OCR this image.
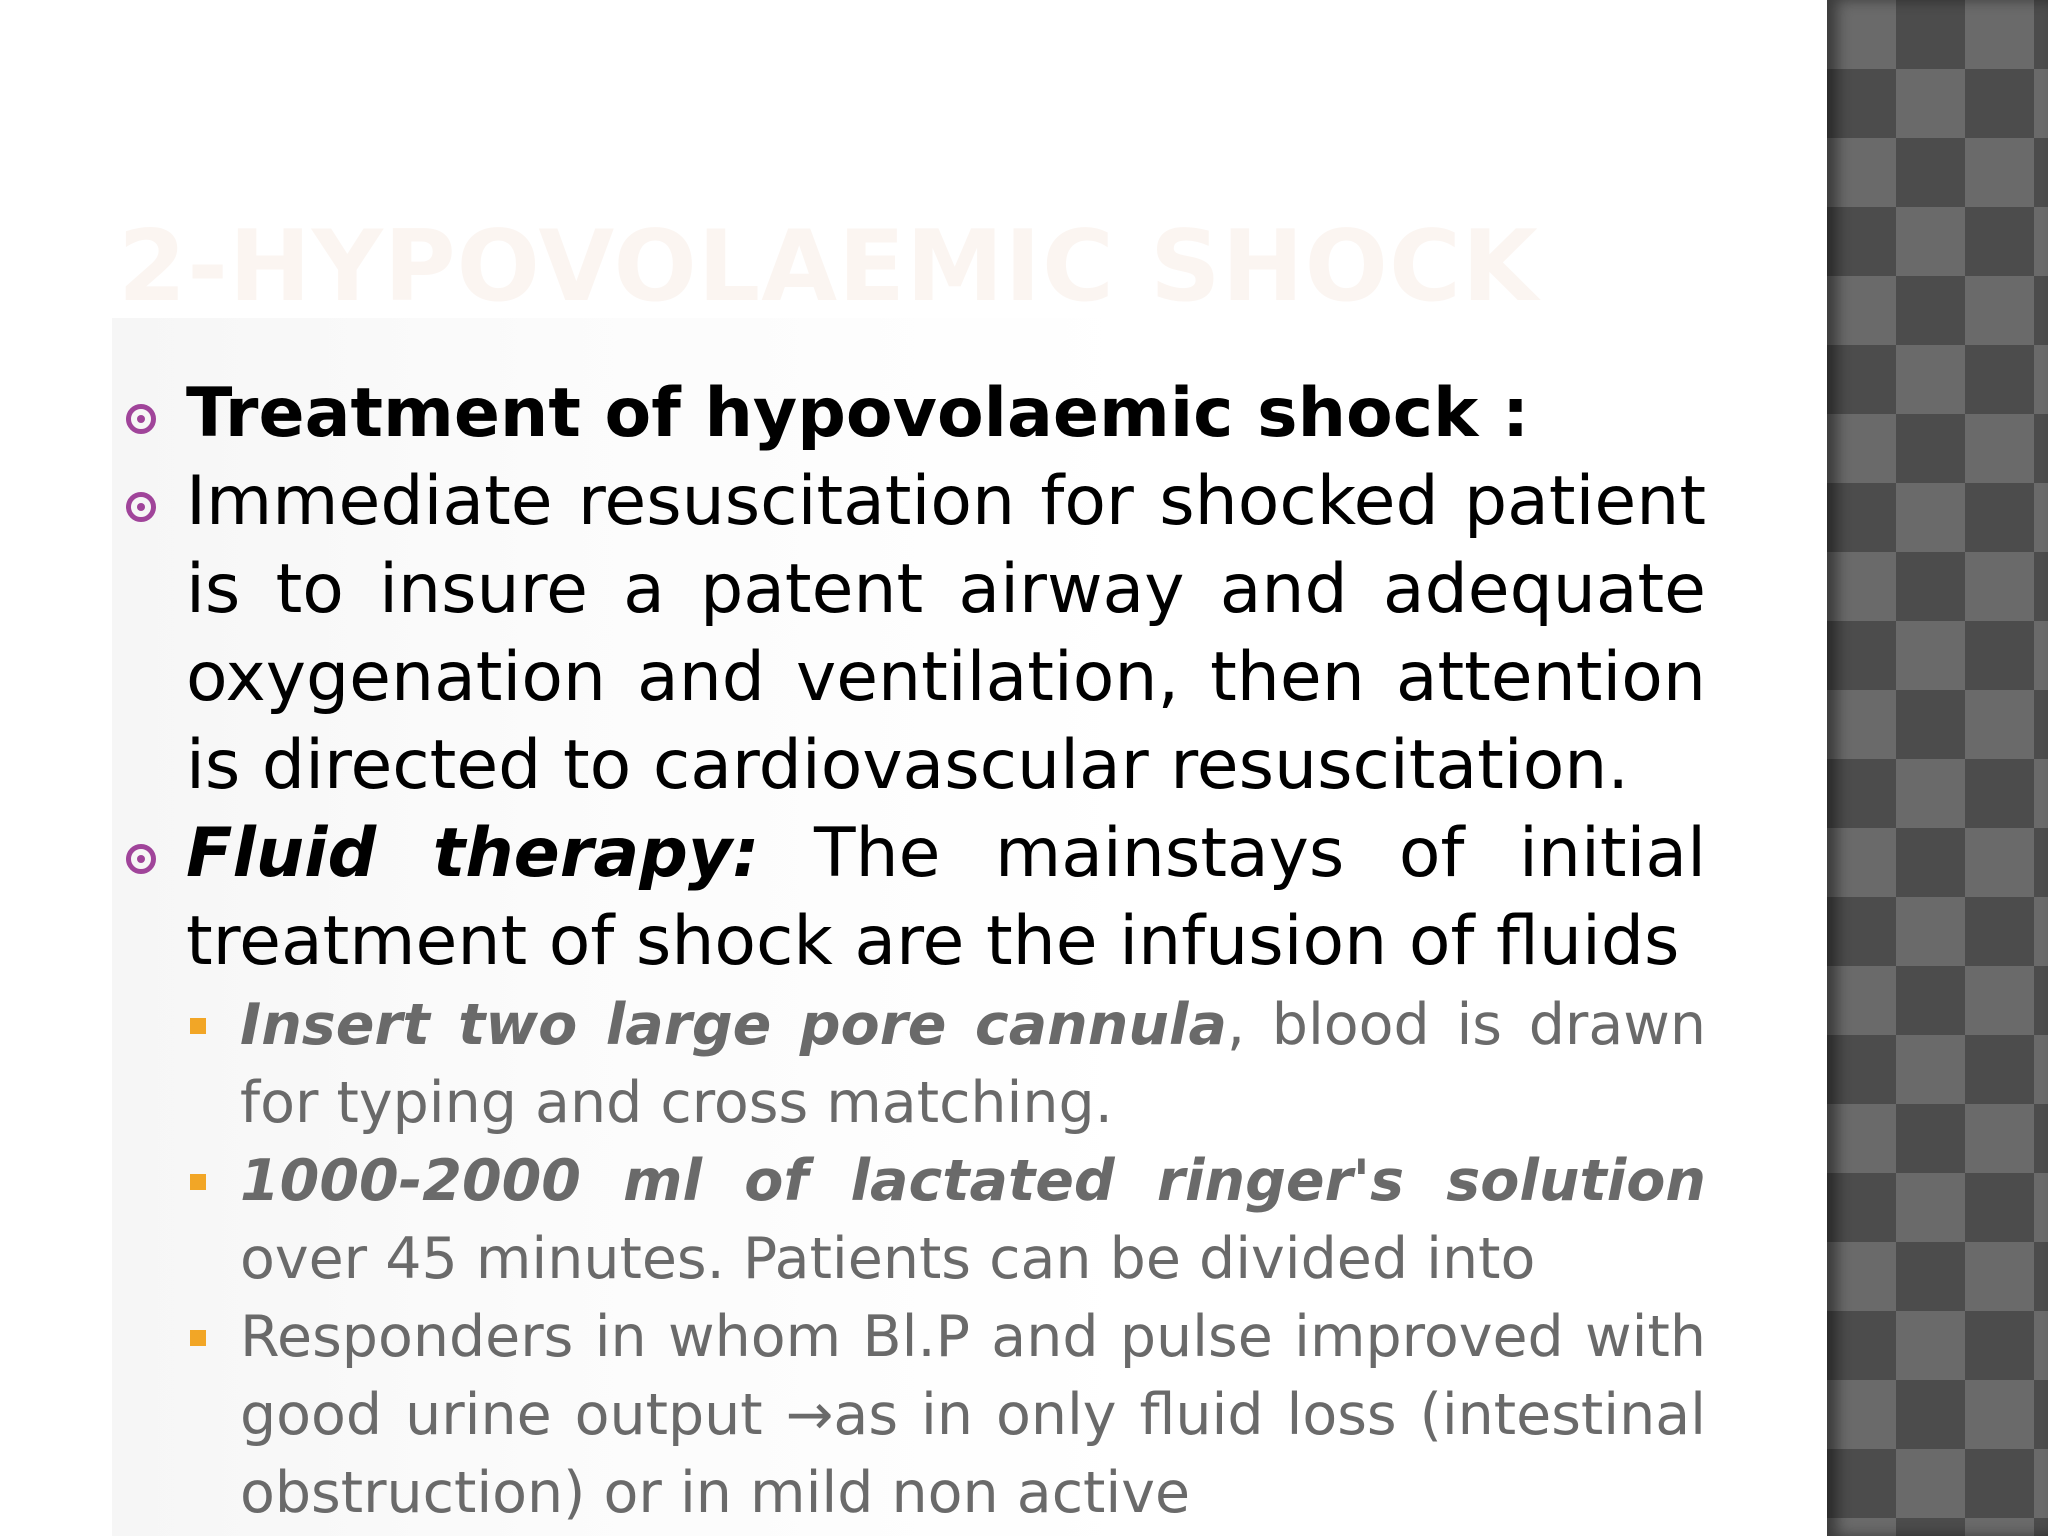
2-HYPOVOLAEMIC SHOCK
Treatment of hypovolaemic shock :
Immediate resuscitation for shocked patient is to insure a patent airway and adequate oxygenation and ventilation, then attention is directed to cardiovascular resuscitation.
Fluid therapy: The mainstays of initial treatment of shock are the infusion of fluids
Insert two large pore cannula, blood is drawn for typing and cross matching.
1000-2000 ml of lactated ringer's solution over 45 minutes. Patients can be divided into
Responders in whom Bl.P and pulse improved with good urine output →as in only fluid loss (intestinal obstruction) or in mild non active
